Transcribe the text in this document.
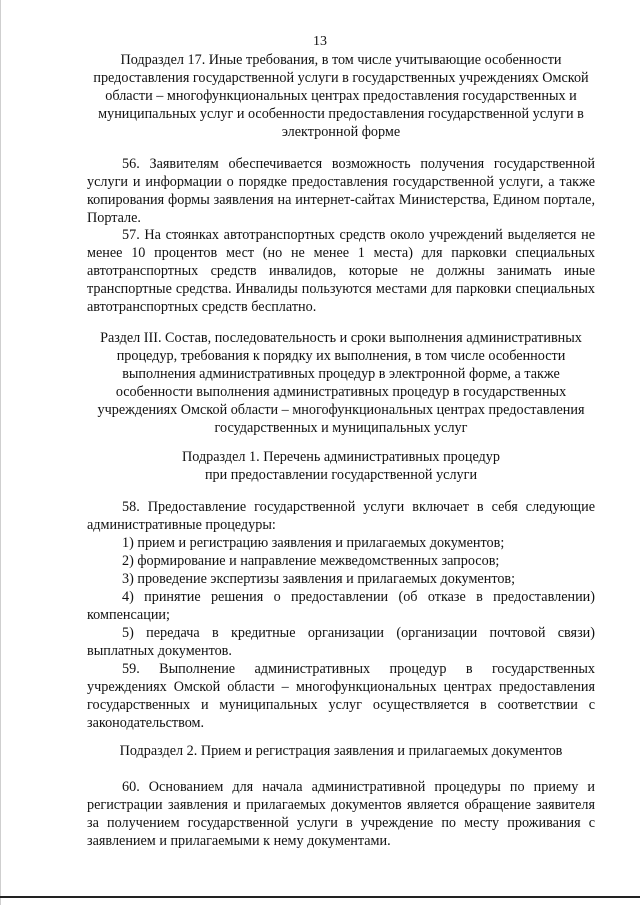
13
Подраздел 17. Иные требования, в том числе учитывающие особенности предоставления государственной услуги в государственных учреждениях Омской области – многофункциональных центрах предоставления государственных и муниципальных услуг и особенности предоставления государственной услуги в электронной форме
56. Заявителям обеспечивается возможность получения государственной услуги и информации о порядке предоставления государственной услуги, а также копирования формы заявления на интернет-сайтах Министерства, Едином портале, Портале.
57. На стоянках автотранспортных средств около учреждений выделяется не менее 10 процентов мест (но не менее 1 места) для парковки специальных автотранспортных средств инвалидов, которые не должны занимать иные транспортные средства. Инвалиды пользуются местами для парковки специальных автотранспортных средств бесплатно.
Раздел III. Состав, последовательность и сроки выполнения административных процедур, требования к порядку их выполнения, в том числе особенности выполнения административных процедур в электронной форме, а также особенности выполнения административных процедур в государственных учреждениях Омской области – многофункциональных центрах предоставления государственных и муниципальных услуг
Подраздел 1. Перечень административных процедур
при предоставлении государственной услуги
58. Предоставление государственной услуги включает в себя следующие административные процедуры:
1) прием и регистрацию заявления и прилагаемых документов;
2) формирование и направление межведомственных запросов;
3) проведение экспертизы заявления и прилагаемых документов;
4) принятие решения о предоставлении (об отказе в предоставлении) компенсации;
5) передача в кредитные организации (организации почтовой связи) выплатных документов.
59. Выполнение административных процедур в государственных учреждениях Омской области – многофункциональных центрах предоставления государственных и муниципальных услуг осуществляется в соответствии с законодательством.
Подраздел 2. Прием и регистрация заявления и прилагаемых документов
60. Основанием для начала административной процедуры по приему и регистрации заявления и прилагаемых документов является обращение заявителя за получением государственной услуги в учреждение по месту проживания с заявлением и прилагаемыми к нему документами.
